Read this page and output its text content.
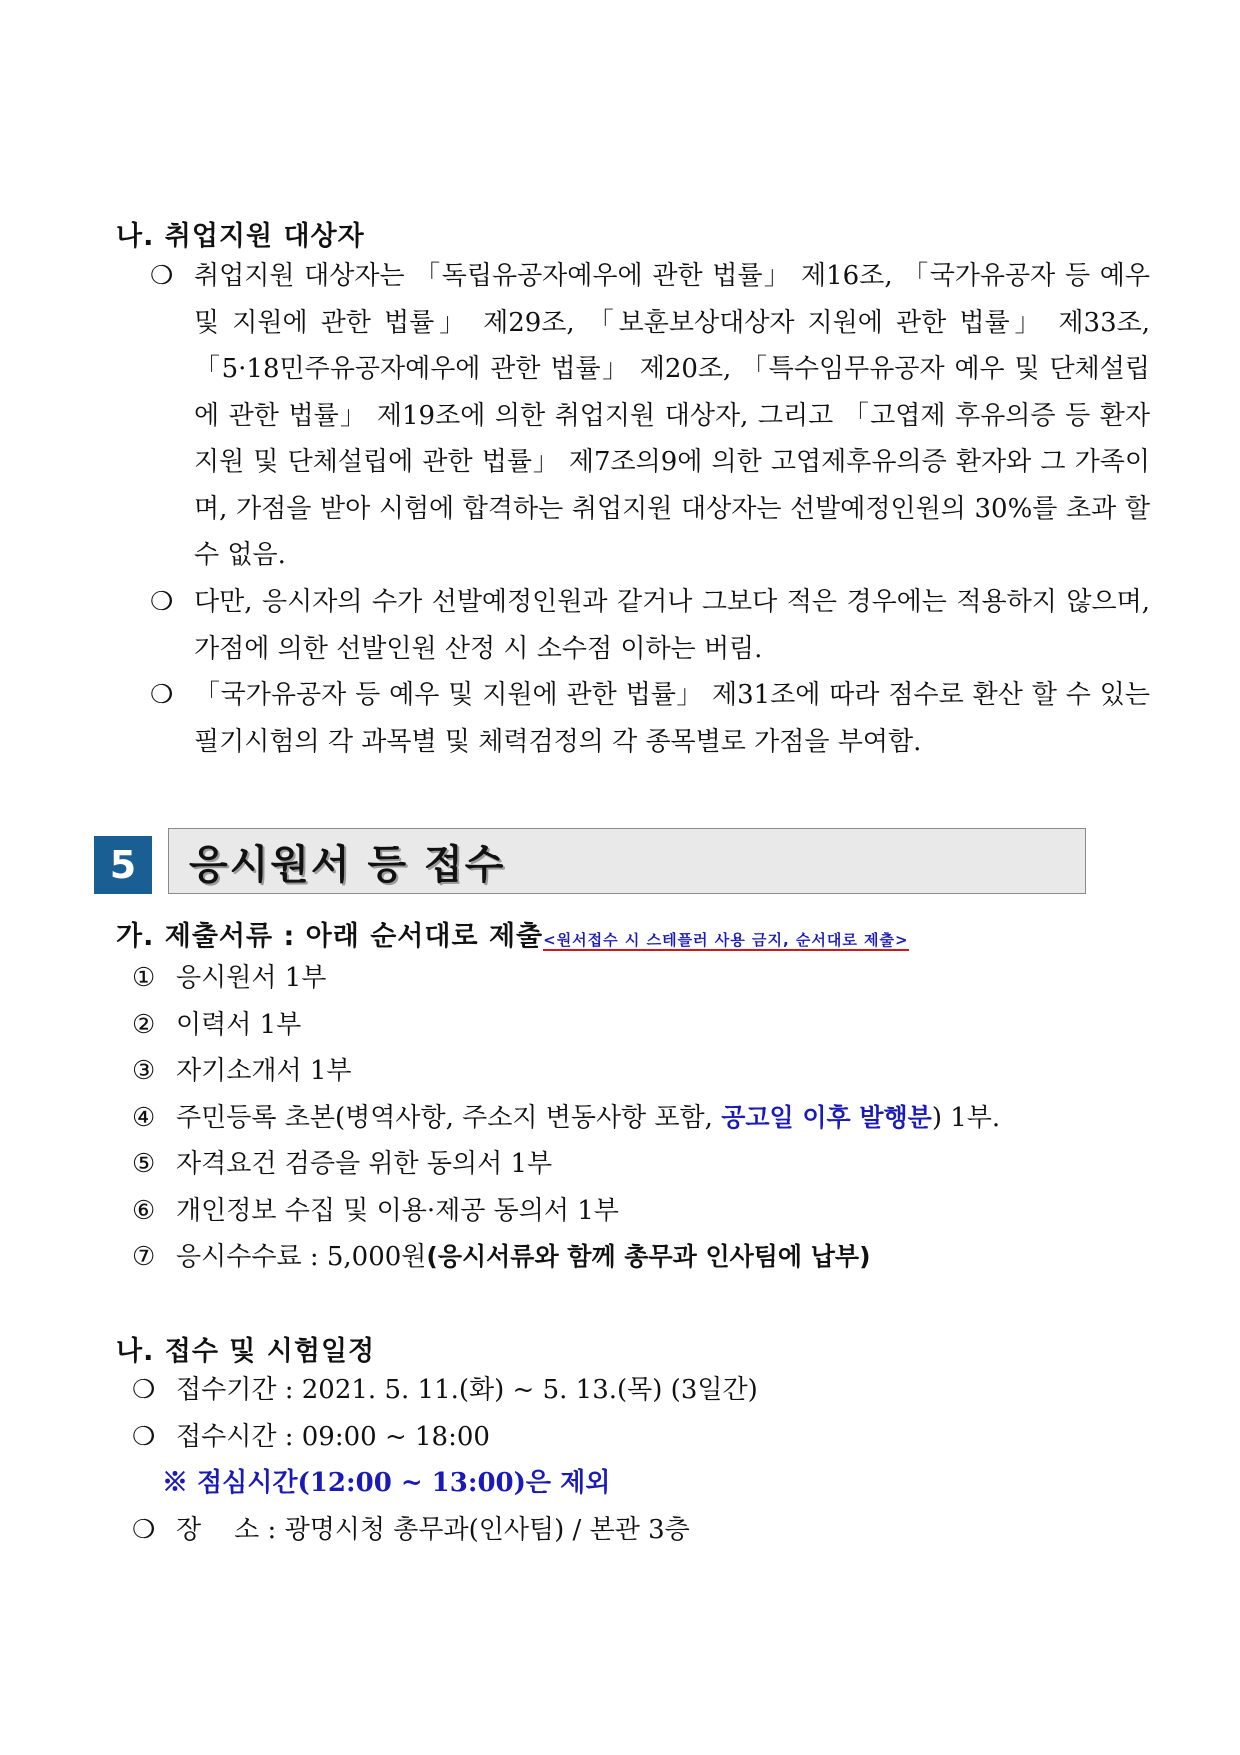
나. 취업지원 대상자
❍ 취업지원 대상자는 「독립유공자예우에 관한 법률」 제16조, 「국가유공자 등 예우 및 지원에 관한 법률」 제29조, 「보훈보상대상자 지원에 관한 법률」 제33조, 「5·18민주유공자예우에 관한 법률」 제20조, 「특수임무유공자 예우 및 단체설립에 관한 법률」 제19조에 의한 취업지원 대상자, 그리고 「고엽제 후유의증 등 환자지원 및 단체설립에 관한 법률」 제7조의9에 의한 고엽제후유의증 환자와 그 가족이며, 가점을 받아 시험에 합격하는 취업지원 대상자는 선발예정인원의 30%를 초과 할 수 없음.
❍ 다만, 응시자의 수가 선발예정인원과 같거나 그보다 적은 경우에는 적용하지 않으며, 가점에 의한 선발인원 산정 시 소수점 이하는 버림.
❍ 「국가유공자 등 예우 및 지원에 관한 법률」 제31조에 따라 점수로 환산 할 수 있는 필기시험의 각 과목별 및 체력검정의 각 종목별로 가점을 부여함.
5	응시원서 등 접수
가. 제출서류 : 아래 순서대로 제출<원서접수 시 스테플러 사용 금지, 순서대로 제출>
① 응시원서 1부
② 이력서 1부
③ 자기소개서 1부
④ 주민등록 초본(병역사항, 주소지 변동사항 포함, 공고일 이후 발행분) 1부.
⑤ 자격요건 검증을 위한 동의서 1부
⑥ 개인정보 수집 및 이용·제공 동의서 1부
⑦ 응시수수료 : 5,000원(응시서류와 함께 총무과 인사팀에 납부)
나. 접수 및 시험일정
❍ 접수기간 : 2021. 5. 11.(화) ~ 5. 13.(목) (3일간)
❍ 접수시간 : 09:00 ~ 18:00
※ 점심시간(12:00 ~ 13:00)은 제외
❍ 장    소 : 광명시청 총무과(인사팀) / 본관 3층
